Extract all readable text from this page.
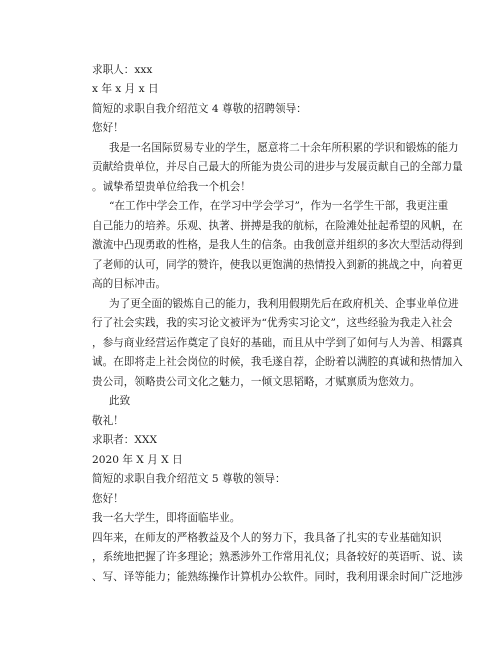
求职人：xxx
x 年 x 月 x 日
简短的求职自我介绍范文 4 尊敬的招聘领导：
您好！
我是一名国际贸易专业的学生，愿意将二十余年所积累的学识和锻炼的能力
贡献给贵单位，并尽自己最大的所能为贵公司的进步与发展贡献自己的全部力量
。诚挚希望贵单位给我一个机会！
“在工作中学会工作，在学习中学会学习”，作为一名学生干部，我更注重
自己能力的培养。乐观、执著、拼搏是我的航标，在险滩处扯起希望的风帆，在
激流中凸现勇敢的性格，是我人生的信条。由我创意并组织的多次大型活动得到
了老师的认可，同学的赞许，使我以更饱满的热情投入到新的挑战之中，向着更
高的目标冲击。
为了更全面的锻炼自己的能力，我利用假期先后在政府机关、企事业单位进
行了社会实践，我的实习论文被评为“优秀实习论文”，这些经验为我走入社会
，参与商业经营运作奠定了良好的基础，而且从中学到了如何与人为善、相露真
诚。在即将走上社会岗位的时候，我毛遂自荐，企盼着以满腔的真诚和热情加入
贵公司，领略贵公司文化之魅力，一倾文思韬略，才赋禀质为您效力。
此致
敬礼！
求职者：XXX
2020 年 X 月 X 日
简短的求职自我介绍范文 5 尊敬的领导：
您好！
我一名大学生，即将面临毕业。
四年来，在师友的严格教益及个人的努力下，我具备了扎实的专业基础知识
，系统地把握了许多理论；熟悉涉外工作常用礼仪；具备较好的英语听、说、读
、写、译等能力；能熟练操作计算机办公软件。同时，我利用课余时间广泛地涉
